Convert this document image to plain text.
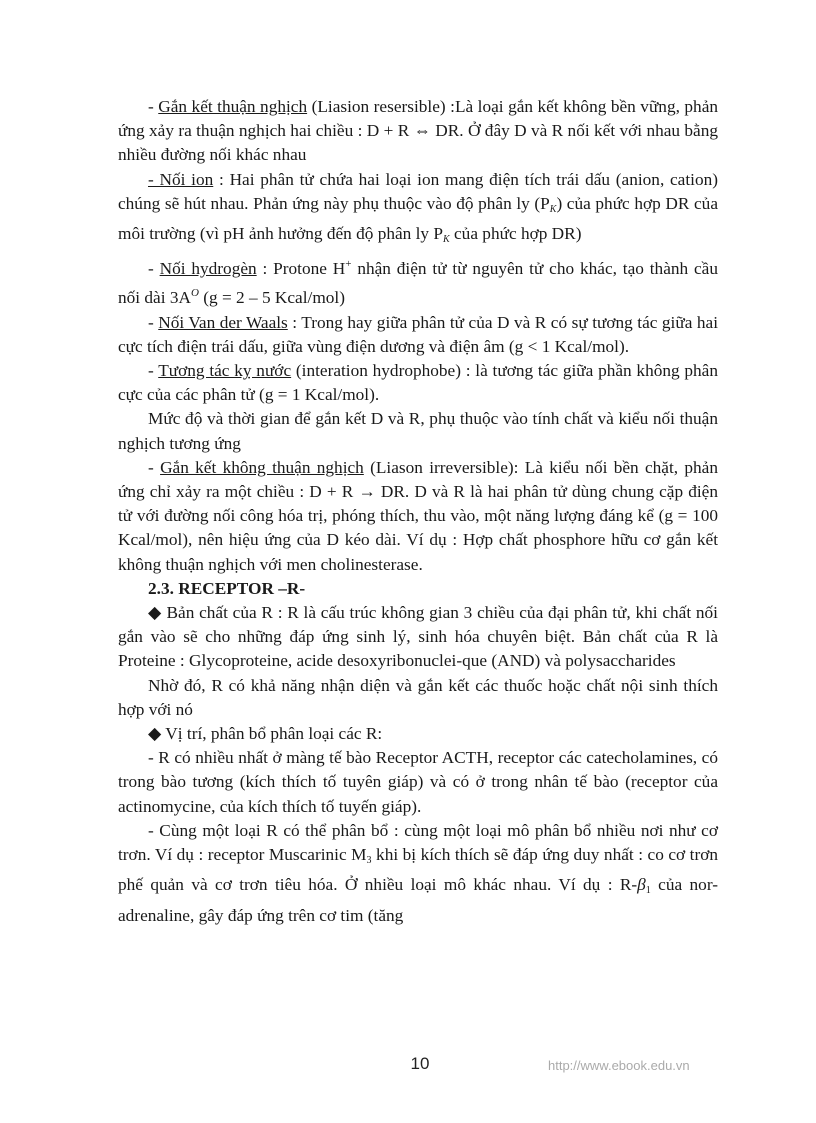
- Gắn kết thuận nghịch (Liasion resersible) :Là loại gắn kết không bền vững, phản ứng xảy ra thuận nghịch hai chiều : D + R ⇔ DR. Ở đây D và R nối kết với nhau bằng nhiều đường nối khác nhau

- Nối ion : Hai phân tử chứa hai loại ion mang điện tích trái dấu (anion, cation) chúng sẽ hút nhau. Phản ứng này phụ thuộc vào độ phân ly (PK) của phức hợp DR của môi trường (vì pH ảnh hưởng đến độ phân ly PK của phức hợp DR)

- Nối hydrogèn : Protone H+ nhận điện tử từ nguyên tử cho khác, tạo thành cầu nối dài $3A^O$ (g = 2 – 5 Kcal/mol)

- Nối Van der Waals : Trong hay giữa phân tử của D và R có sự tương tác giữa hai cực tích điện trái dấu, giữa vùng điện dương và điện âm (g < 1 Kcal/mol).

- Tương tác kỵ nước (interation hydrophobe) : là tương tác giữa phần không phân cực của các phân tử (g = 1 Kcal/mol).

Mức độ và thời gian để gắn kết D và R, phụ thuộc vào tính chất và kiểu nối thuận nghịch tương ứng

- Gắn kết không thuận nghịch (Liason irreversible): Là kiểu nối bền chặt, phản ứng chỉ xảy ra một chiều : D + R → DR. D và R là hai phân tử dùng chung cặp điện tử với đường nối công hóa trị, phóng thích, thu vào, một năng lượng đáng kể (g = 100 Kcal/mol), nên hiệu ứng của D kéo dài. Ví dụ : Hợp chất phosphore hữu cơ gắn kết không thuận nghịch với men cholinesterase.

2.3. RECEPTOR –R-

◆ Bản chất của R : R là cấu trúc không gian 3 chiều của đại phân tử, khi chất nối gắn vào sẽ cho những đáp ứng sinh lý, sinh hóa chuyên biệt. Bản chất của R là Proteine : Glycoproteine, acide desoxyribonuclei-que (AND) và polysaccharides

Nhờ đó, R có khả năng nhận diện và gắn kết các thuốc hoặc chất nội sinh thích hợp với nó

◆ Vị trí, phân bổ phân loại các R:

- R có nhiều nhất ở màng tế bào Receptor ACTH, receptor các catecholamines, có trong bào tương (kích thích tố tuyên giáp) và có ở trong nhân tế bào (receptor của actinomycine, của kích thích tố tuyến giáp).

- Cùng một loại R có thể phân bổ : cùng một loại mô phân bổ nhiều nơi như cơ trơn. Ví dụ : receptor Muscarinic $M_3$ khi bị kích thích sẽ đáp ứng duy nhất : co cơ trơn phế quản và cơ trơn tiêu hóa. Ở nhiều loại mô khác nhau. Ví dụ : $R-\beta_1$ của nor-adrenaline, gây đáp ứng trên cơ tim (tăng

10	http://www.ebook.edu.vn
